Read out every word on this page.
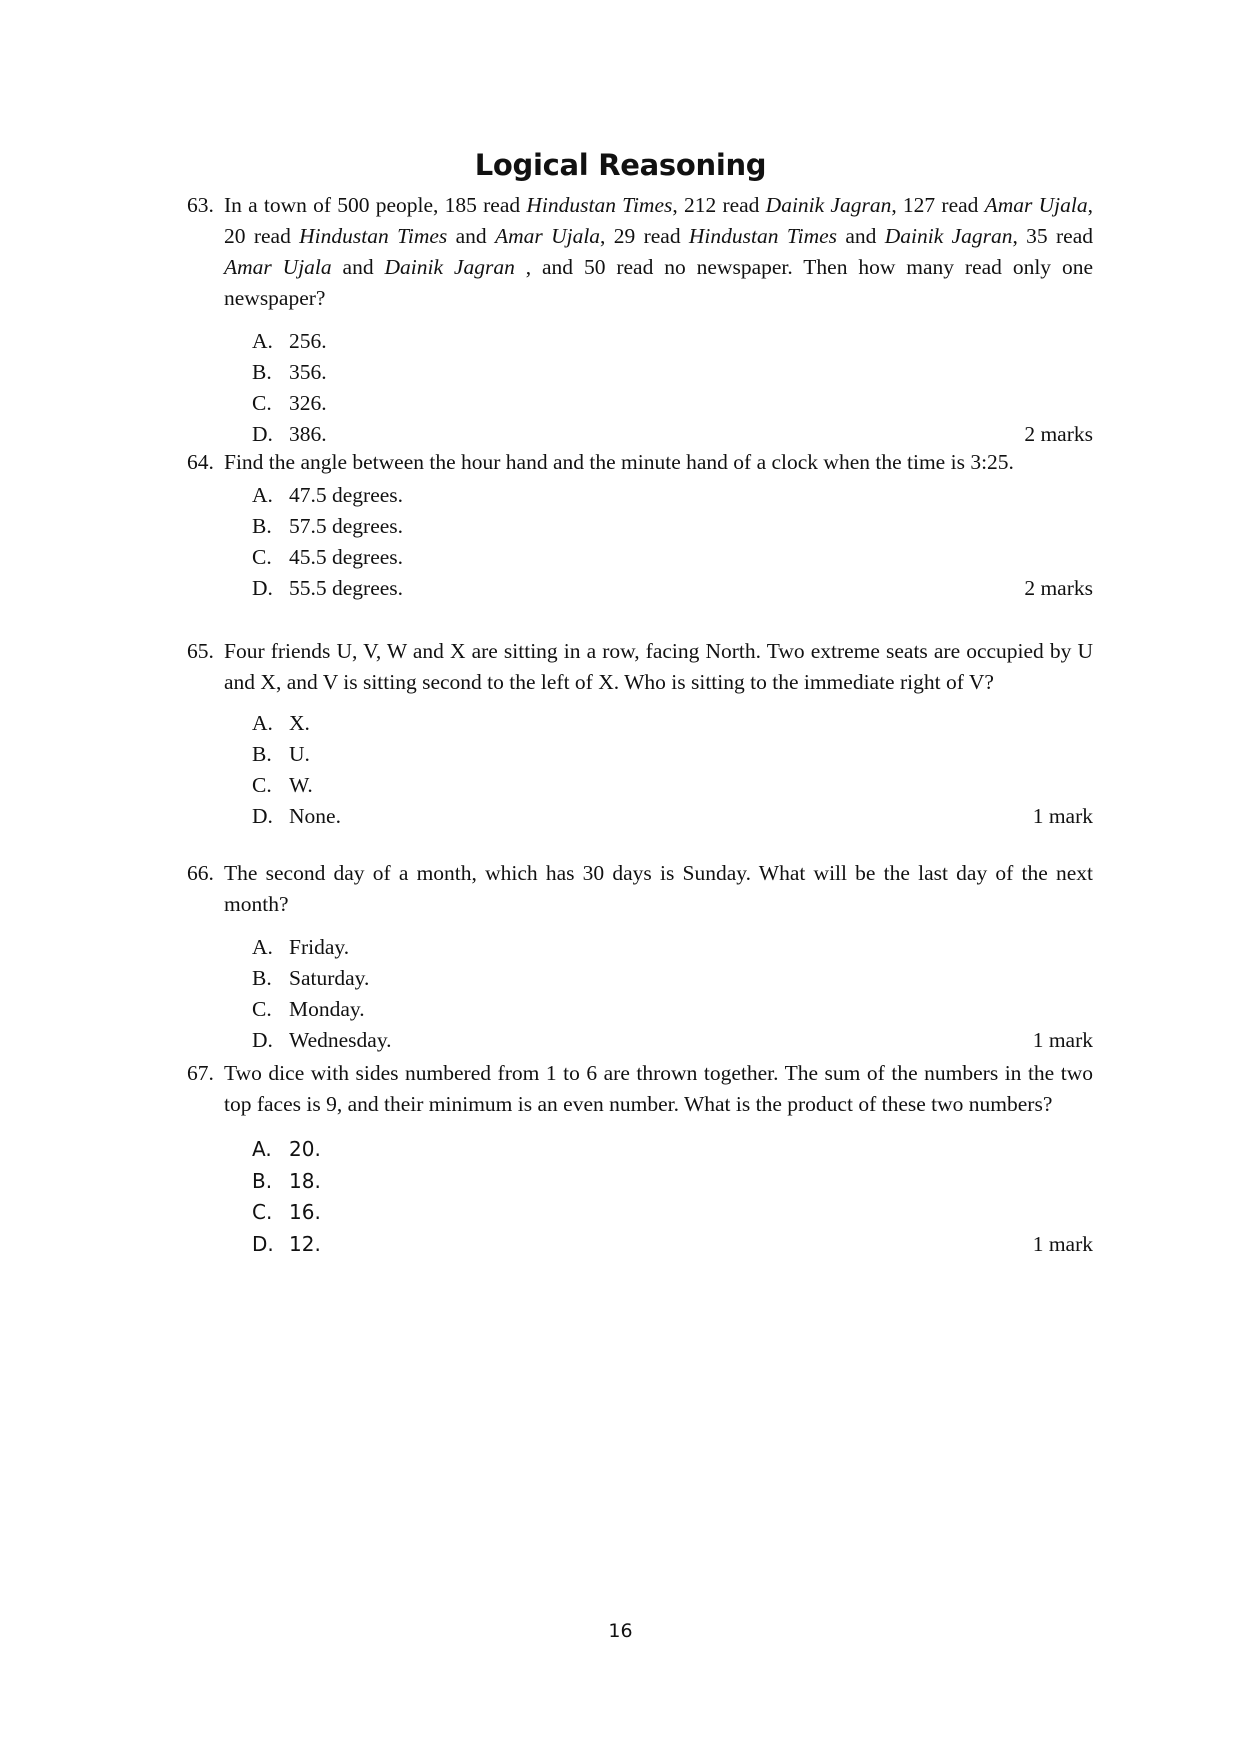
Logical Reasoning
63. In a town of 500 people, 185 read Hindustan Times, 212 read Dainik Jagran, 127 read Amar Ujala, 20 read Hindustan Times and Amar Ujala, 29 read Hindustan Times and Dainik Jagran, 35 read Amar Ujala and Dainik Jagran , and 50 read no newspaper. Then how many read only one newspaper?
A. 256.
B. 356.
C. 326.
D. 386.	2 marks
64. Find the angle between the hour hand and the minute hand of a clock when the time is 3:25.
A. 47.5 degrees.
B. 57.5 degrees.
C. 45.5 degrees.
D. 55.5 degrees.	2 marks
65. Four friends U, V, W and X are sitting in a row, facing North. Two extreme seats are occupied by U and X, and V is sitting second to the left of X. Who is sitting to the immediate right of V?
A. X.
B. U.
C. W.
D. None.	1 mark
66. The second day of a month, which has 30 days is Sunday. What will be the last day of the next month?
A. Friday.
B. Saturday.
C. Monday.
D. Wednesday.	1 mark
67. Two dice with sides numbered from 1 to 6 are thrown together. The sum of the numbers in the two top faces is 9, and their minimum is an even number. What is the product of these two numbers?
A. 20.
B. 18.
C. 16.
D. 12.	1 mark
16
